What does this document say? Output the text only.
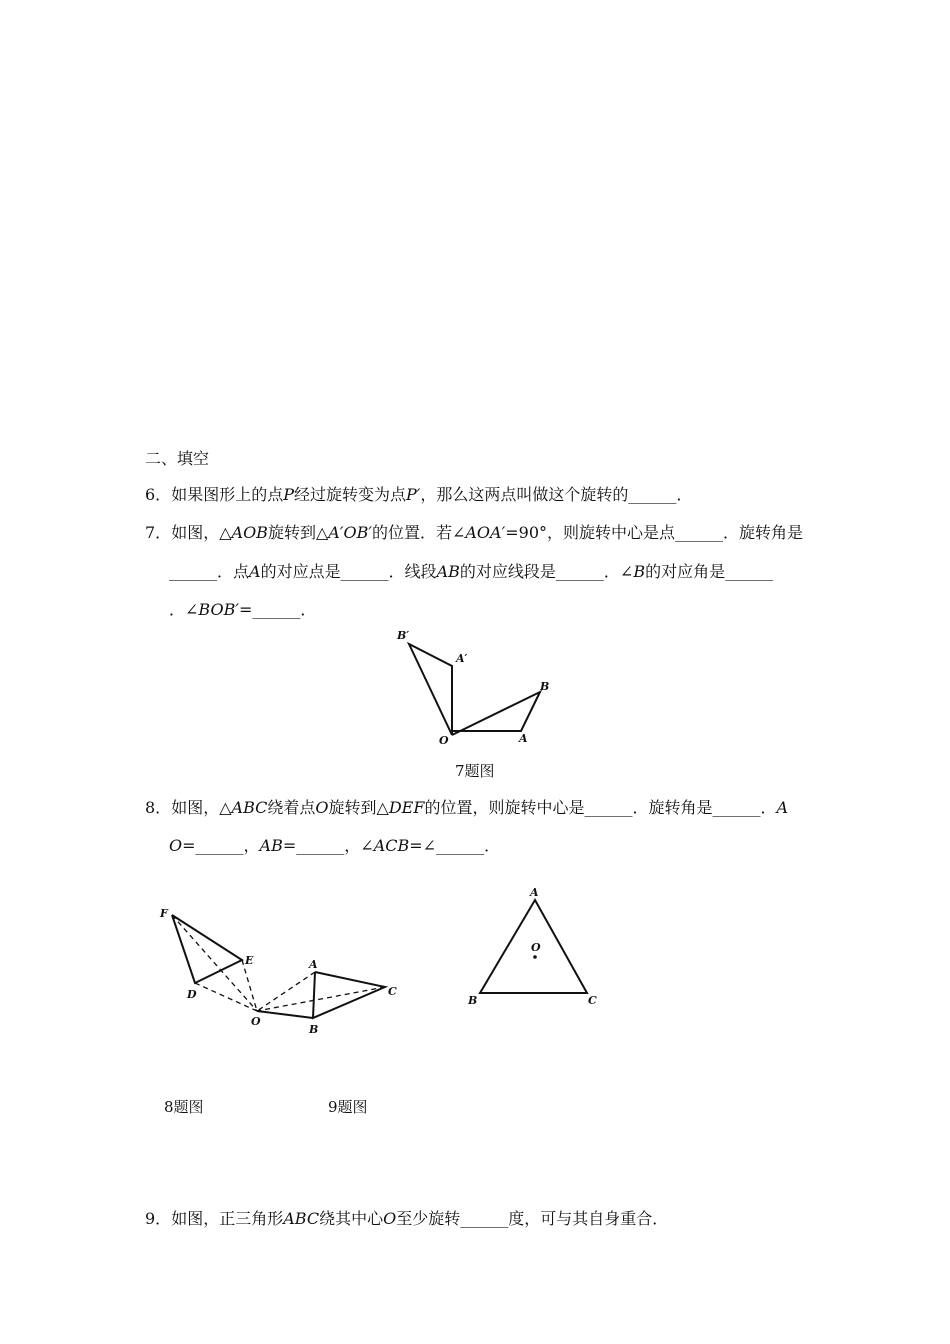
二、填空
6．如果图形上的点P经过旋转变为点P′，那么这两点叫做这个旋转的______．
7．如图，△AOB旋转到△A′OB′的位置．若∠AOA′=90°，则旋转中心是点______．旋转角是
______．点A的对应点是______．线段AB的对应线段是______．∠B的对应角是______
．∠BOB′=______．
B′
A′
B
O	A
7题图
8．如图，△ABC绕着点O旋转到△DEF的位置，则旋转中心是______．旋转角是______．A
O=______，AB=______，∠ACB=∠______．
F
E
D
O
A
C
B
A
O
B	C
8题图	9题图
9．如图，正三角形ABC绕其中心O至少旋转______度，可与其自身重合．
